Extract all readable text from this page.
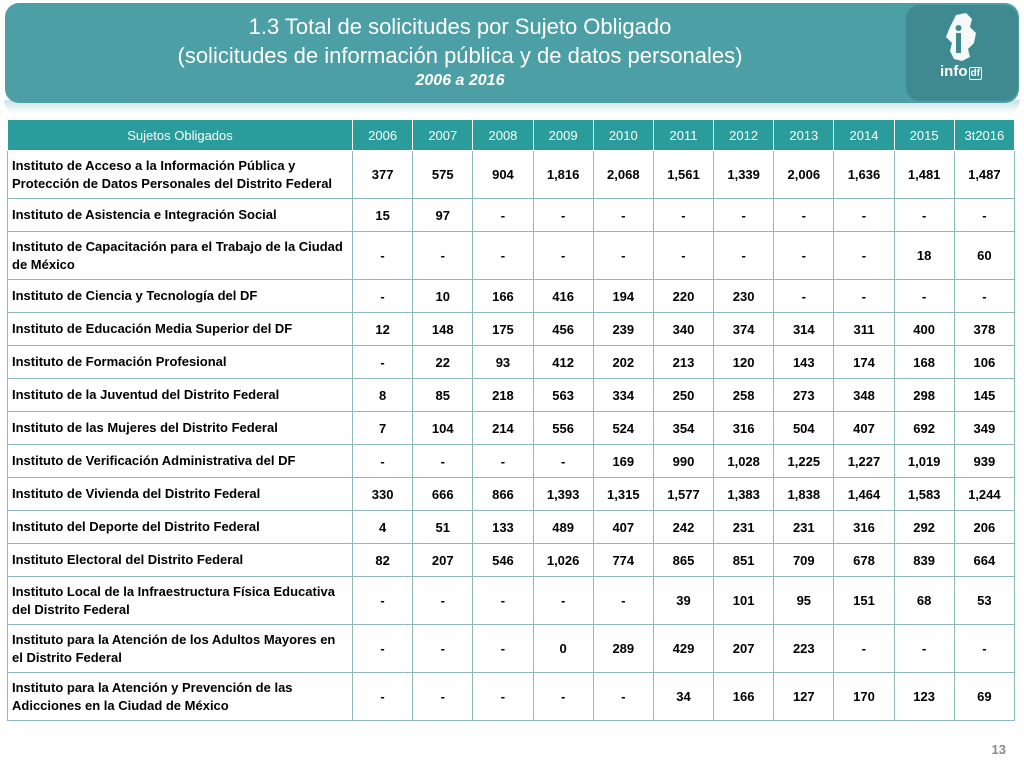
1.3 Total de solicitudes por Sujeto Obligado
(solicitudes de información pública y de datos personales)
2006 a 2016
info df
Sujetos Obligados	2006	2007	2008	2009	2010	2011	2012	2013	2014	2015	3t2016
Instituto de Acceso a la Información Pública y Protección de Datos Personales del Distrito Federal	377	575	904	1,816	2,068	1,561	1,339	2,006	1,636	1,481	1,487
Instituto de Asistencia e Integración Social	15	97	-	-	-	-	-	-	-	-	-
Instituto de Capacitación para el Trabajo de la Ciudad de México	-	-	-	-	-	-	-	-	-	18	60
Instituto de Ciencia y Tecnología del DF	-	10	166	416	194	220	230	-	-	-	-
Instituto de Educación Media Superior del DF	12	148	175	456	239	340	374	314	311	400	378
Instituto de Formación Profesional	-	22	93	412	202	213	120	143	174	168	106
Instituto de la Juventud del Distrito Federal	8	85	218	563	334	250	258	273	348	298	145
Instituto de las Mujeres del Distrito Federal	7	104	214	556	524	354	316	504	407	692	349
Instituto de Verificación Administrativa del DF	-	-	-	-	169	990	1,028	1,225	1,227	1,019	939
Instituto de Vivienda del Distrito Federal	330	666	866	1,393	1,315	1,577	1,383	1,838	1,464	1,583	1,244
Instituto del Deporte del Distrito Federal	4	51	133	489	407	242	231	231	316	292	206
Instituto Electoral del Distrito Federal	82	207	546	1,026	774	865	851	709	678	839	664
Instituto Local de la Infraestructura Física Educativa del Distrito Federal	-	-	-	-	-	39	101	95	151	68	53
Instituto para la Atención de los Adultos Mayores en el Distrito Federal	-	-	-	0	289	429	207	223	-	-	-
Instituto para la Atención y Prevención de las Adicciones en la Ciudad de México	-	-	-	-	-	34	166	127	170	123	69
13
